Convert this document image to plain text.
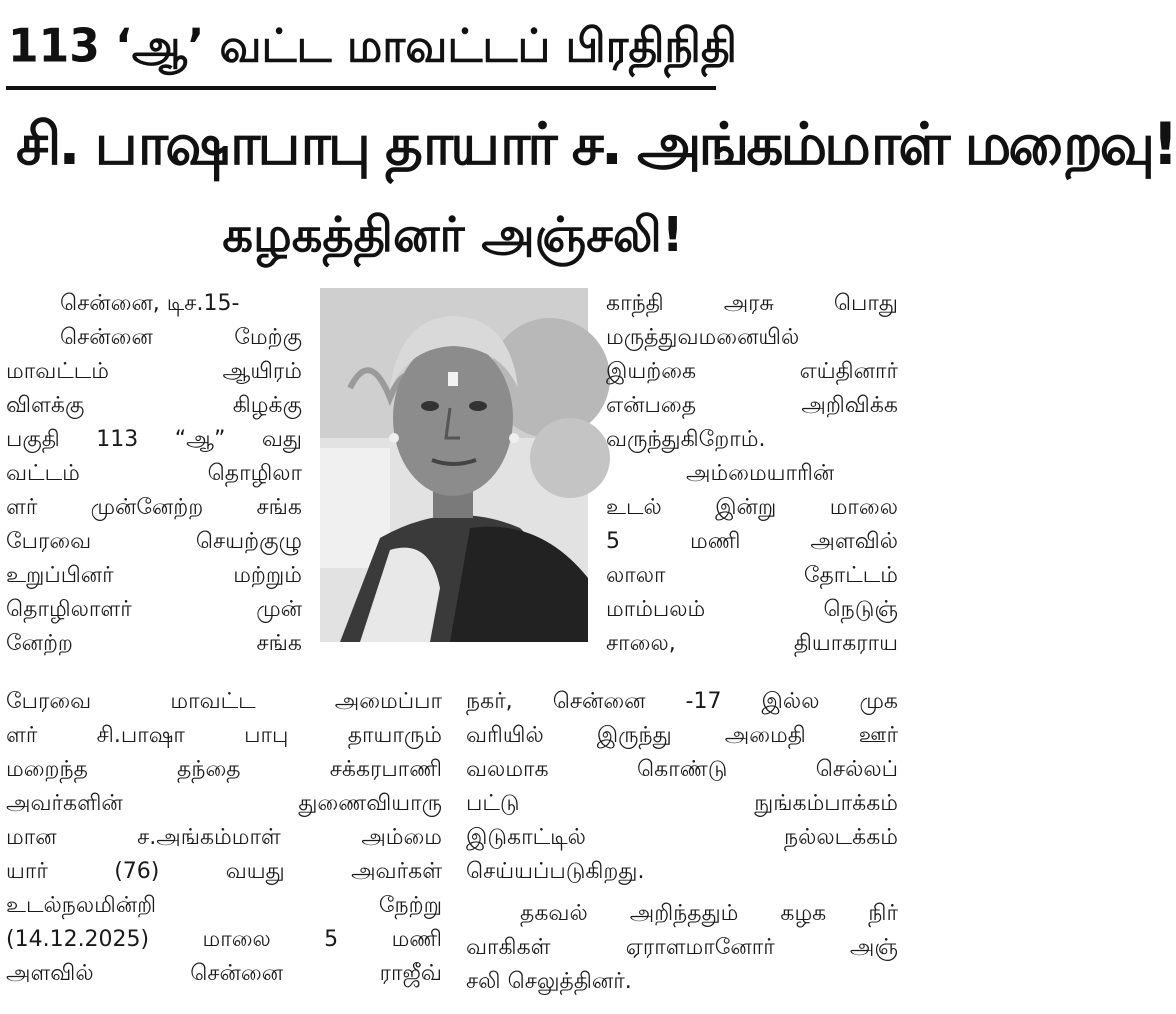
113 ‘ஆ’ வட்ட மாவட்டப் பிரதிநிதி
சி. பாஷாபாபு தாயார் ச. அங்கம்மாள் மறைவு!
கழகத்தினர் அஞ்சலி!

சென்னை, டிச.15-

சென்னை மேற்கு

மாவட்டம் ஆயிரம்

விளக்கு கிழக்கு

பகுதி 113 “ஆ” வது

வட்டம் தொழிலா

ளர் முன்னேற்ற சங்க

பேரவை செயற்குழு

உறுப்பினர் மற்றும்

தொழிலாளர் முன்

னேற்ற சங்க

காந்தி அரசு பொது

மருத்துவமனையில்

இயற்கை எய்தினார்

என்பதை அறிவிக்க

வருந்துகிறோம்.

அம்மையாரின்

உடல் இன்று மாலை

5 மணி அளவில்

லாலா தோட்டம்

மாம்பலம் நெடுஞ்

சாலை, தியாகராய

பேரவை மாவட்ட அமைப்பா

ளர் சி.பாஷா பாபு தாயாரும்

மறைந்த தந்தை சக்கரபாணி

அவர்களின் துணைவியாரு

மான ச.அங்கம்மாள் அம்மை

யார் (76) வயது அவர்கள்

உடல்நலமின்றி நேற்று

(14.12.2025) மாலை 5 மணி

அளவில் சென்னை ராஜீவ்

நகர், சென்னை -17 இல்ல முக

வரியில் இருந்து அமைதி ஊர்

வலமாக கொண்டு செல்லப்

பட்டு நுங்கம்பாக்கம்

இடுகாட்டில் நல்லடக்கம்

செய்யப்படுகிறது.

தகவல் அறிந்ததும் கழக நிர்

வாகிகள் ஏராளமானோர் அஞ்

சலி செலுத்தினர்.
